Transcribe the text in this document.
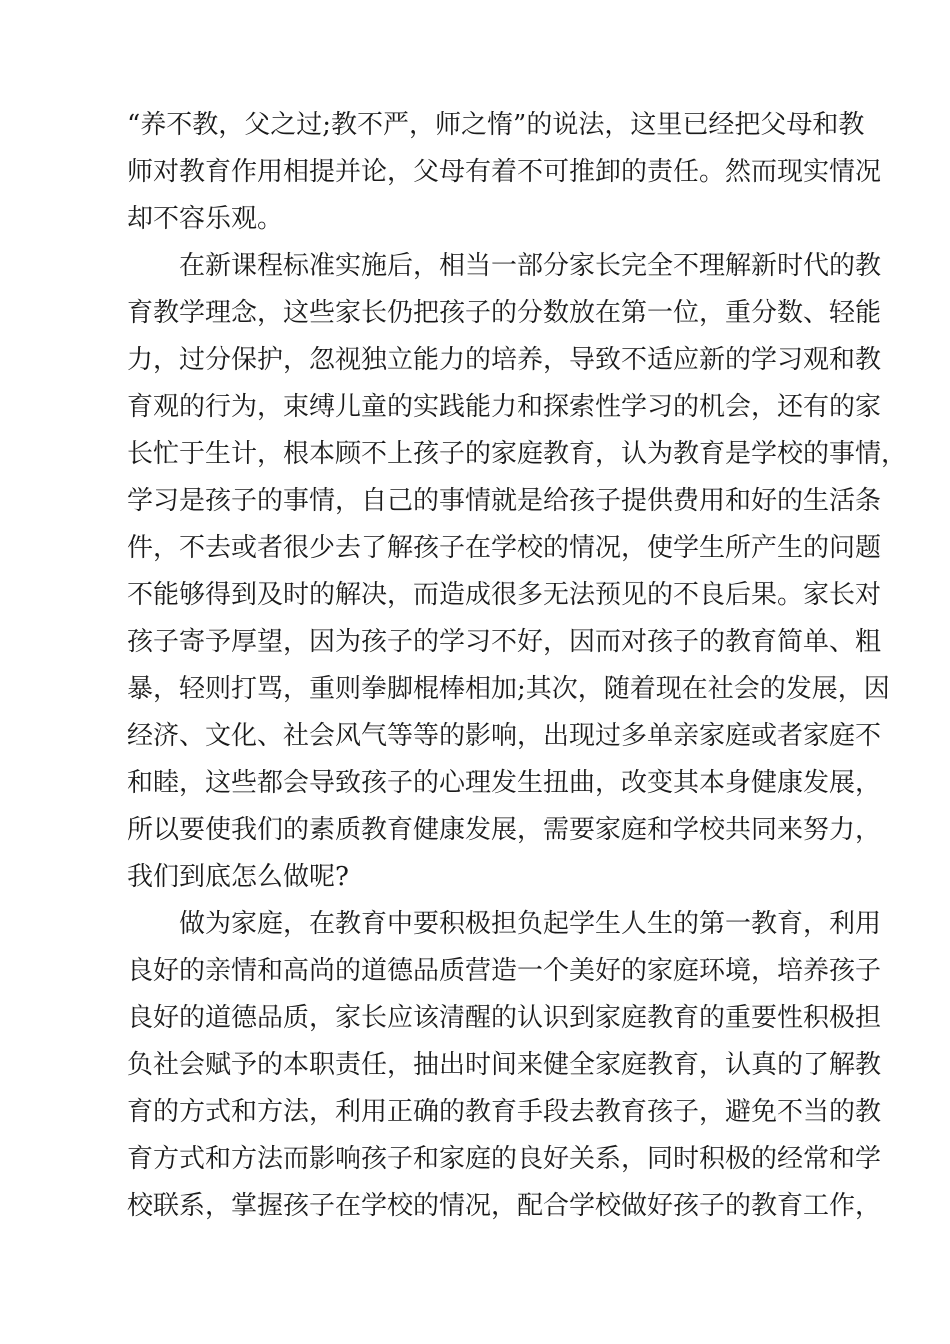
“养不教，父之过;教不严，师之惰”的说法，这里已经把父母和教
师对教育作用相提并论，父母有着不可推卸的责任。然而现实情况
却不容乐观。
在新课程标准实施后，相当一部分家长完全不理解新时代的教
育教学理念，这些家长仍把孩子的分数放在第一位，重分数、轻能
力，过分保护，忽视独立能力的培养，导致不适应新的学习观和教
育观的行为，束缚儿童的实践能力和探索性学习的机会，还有的家
长忙于生计，根本顾不上孩子的家庭教育，认为教育是学校的事情，
学习是孩子的事情，自己的事情就是给孩子提供费用和好的生活条
件，不去或者很少去了解孩子在学校的情况，使学生所产生的问题
不能够得到及时的解决，而造成很多无法预见的不良后果。家长对
孩子寄予厚望，因为孩子的学习不好，因而对孩子的教育简单、粗
暴，轻则打骂，重则拳脚棍棒相加;其次，随着现在社会的发展，因
经济、文化、社会风气等等的影响，出现过多单亲家庭或者家庭不
和睦，这些都会导致孩子的心理发生扭曲，改变其本身健康发展，
所以要使我们的素质教育健康发展，需要家庭和学校共同来努力，
我们到底怎么做呢?
做为家庭，在教育中要积极担负起学生人生的第一教育，利用
良好的亲情和高尚的道德品质营造一个美好的家庭环境，培养孩子
良好的道德品质，家长应该清醒的认识到家庭教育的重要性积极担
负社会赋予的本职责任，抽出时间来健全家庭教育，认真的了解教
育的方式和方法，利用正确的教育手段去教育孩子，避免不当的教
育方式和方法而影响孩子和家庭的良好关系，同时积极的经常和学
校联系，掌握孩子在学校的情况，配合学校做好孩子的教育工作，
